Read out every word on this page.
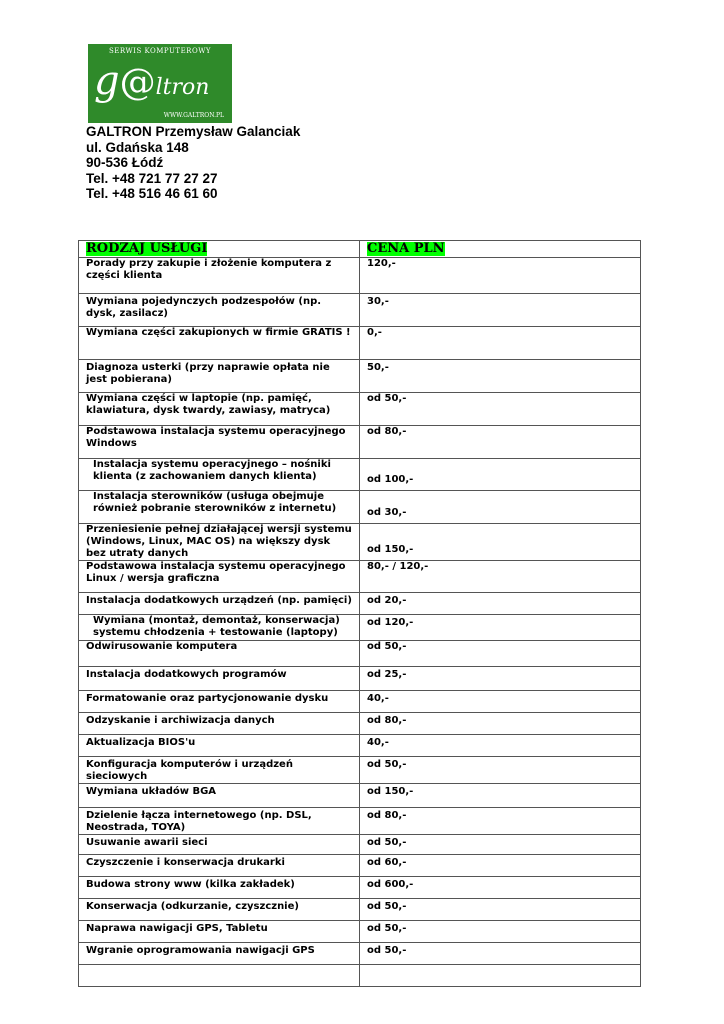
SERWIS KOMPUTEROWY
g@ltron
WWW.GALTRON.PL
GALTRON Przemysław Galanciak
ul. Gdańska 148
90-536 Łódź
Tel. +48 721 77 27 27
Tel. +48 516 46 61 60
RODZAJ USŁUGI	CENA PLN
Porady przy zakupie i złożenie komputera z części klienta	120,-
Wymiana pojedynczych podzespołów (np. dysk, zasilacz)	30,-
Wymiana części zakupionych w firmie GRATIS !	0,-
Diagnoza usterki (przy naprawie opłata nie jest pobierana)	50,-
Wymiana części w laptopie (np. pamięć, klawiatura, dysk twardy, zawiasy, matryca)	od 50,-
Podstawowa instalacja systemu operacyjnego Windows	od 80,-
Instalacja systemu operacyjnego – nośniki klienta (z zachowaniem danych klienta)	od 100,-
Instalacja sterowników (usługa obejmuje również pobranie sterowników z internetu)	od 30,-
Przeniesienie pełnej działającej wersji systemu (Windows, Linux, MAC OS) na większy dysk bez utraty danych	od 150,-
Podstawowa instalacja systemu operacyjnego Linux / wersja graficzna	80,- / 120,-
Instalacja dodatkowych urządzeń (np. pamięci)	od 20,-
Wymiana (montaż, demontaż, konserwacja) systemu chłodzenia + testowanie (laptopy)	od 120,-
Odwirusowanie komputera	od 50,-
Instalacja dodatkowych programów	od 25,-
Formatowanie oraz partycjonowanie dysku	40,-
Odzyskanie i archiwizacja danych	od 80,-
Aktualizacja BIOS'u	40,-
Konfiguracja komputerów i urządzeń sieciowych	od 50,-
Wymiana układów BGA	od 150,-
Dzielenie łącza internetowego (np. DSL, Neostrada, TOYA)	od 80,-
Usuwanie awarii sieci	od 50,-
Czyszczenie i konserwacja drukarki	od 60,-
Budowa strony www (kilka zakładek)	od 600,-
Konserwacja (odkurzanie, czyszcznie)	od 50,-
Naprawa nawigacji GPS, Tabletu	od 50,-
Wgranie oprogramowania nawigacji GPS	od 50,-
